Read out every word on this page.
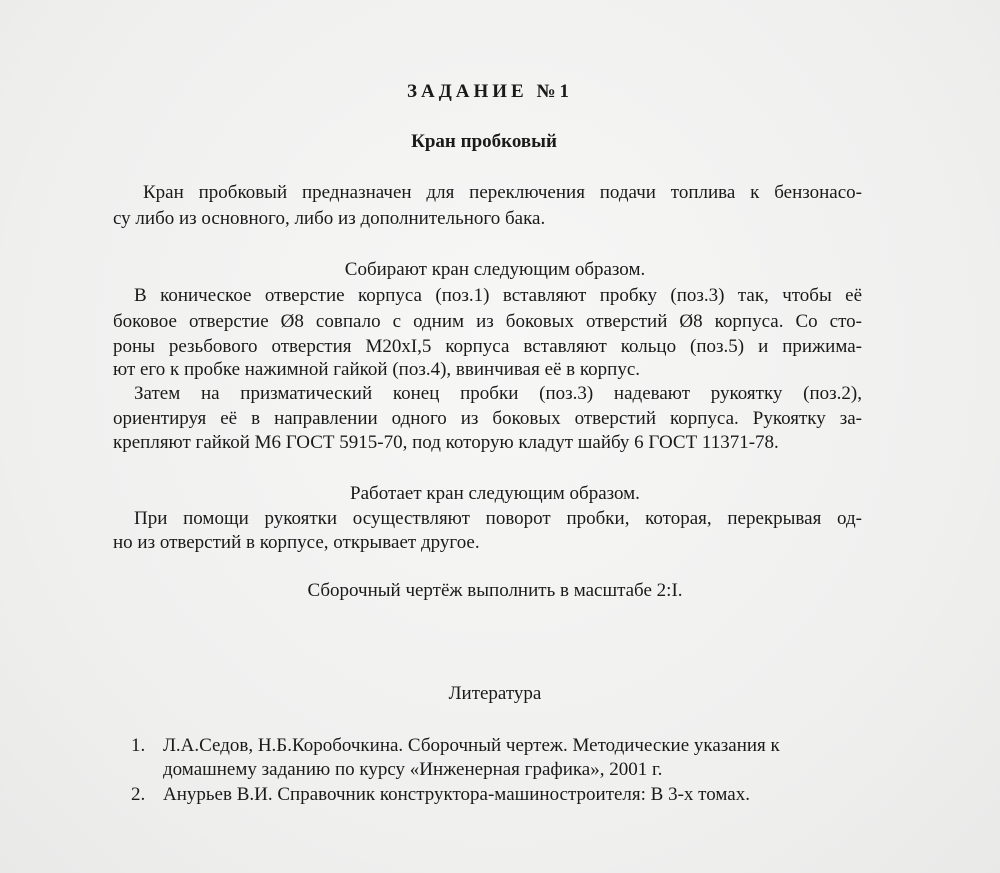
ЗАДАНИЕ №1
Кран пробковый
Кран пробковый предназначен для переключения подачи топлива к бензонасо-
су либо из основного, либо из дополнительного бака.
Собирают кран следующим образом.
В коническое отверстие корпуса (поз.1) вставляют пробку (поз.3) так, чтобы её
боковое отверстие Ø8 совпало с одним из боковых отверстий Ø8 корпуса. Со сто-
роны резьбового отверстия М20хI,5 корпуса вставляют кольцо (поз.5) и прижима-
ют его к пробке нажимной гайкой (поз.4), ввинчивая её в корпус.
Затем на призматический конец пробки (поз.3) надевают рукоятку (поз.2),
ориентируя её в направлении одного из боковых отверстий корпуса. Рукоятку за-
крепляют гайкой М6 ГОСТ 5915-70, под которую кладут шайбу 6 ГОСТ 11371-78.
Работает кран следующим образом.
При помощи рукоятки осуществляют поворот пробки, которая, перекрывая од-
но из отверстий в корпусе, открывает другое.
Сборочный чертёж выполнить в масштабе 2:I.
Литература
1. Л.А.Седов, Н.Б.Коробочкина. Сборочный чертеж. Методические указания к
домашнему заданию по курсу «Инженерная графика», 2001 г.
2. Анурьев В.И. Справочник конструктора-машиностроителя: В 3-х томах.
